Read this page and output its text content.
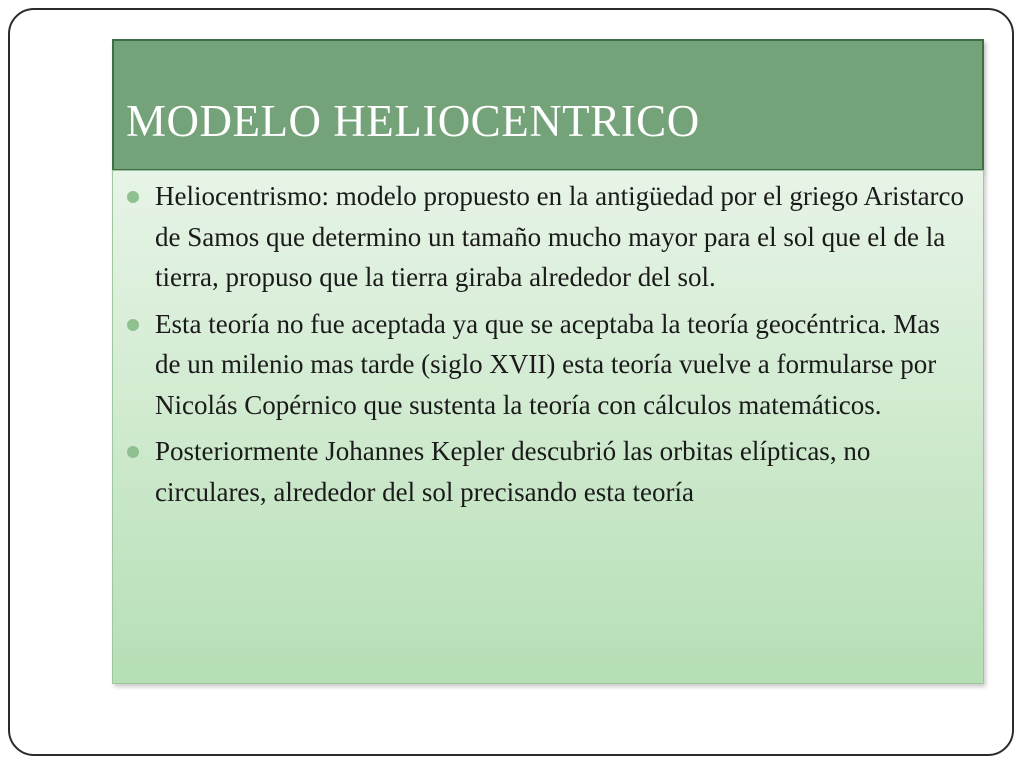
MODELO HELIOCENTRICO
Heliocentrismo: modelo propuesto en la antigüedad por el griego Aristarco de Samos que determino un tamaño mucho mayor para el sol que el de la tierra, propuso que la tierra giraba alrededor del sol.
Esta teoría no fue aceptada ya que se aceptaba la teoría geocéntrica. Mas de un milenio mas tarde (siglo XVII) esta teoría vuelve a formularse por Nicolás Copérnico que sustenta la teoría con cálculos matemáticos.
Posteriormente Johannes Kepler descubrió las orbitas elípticas, no circulares, alrededor del sol precisando esta teoría
